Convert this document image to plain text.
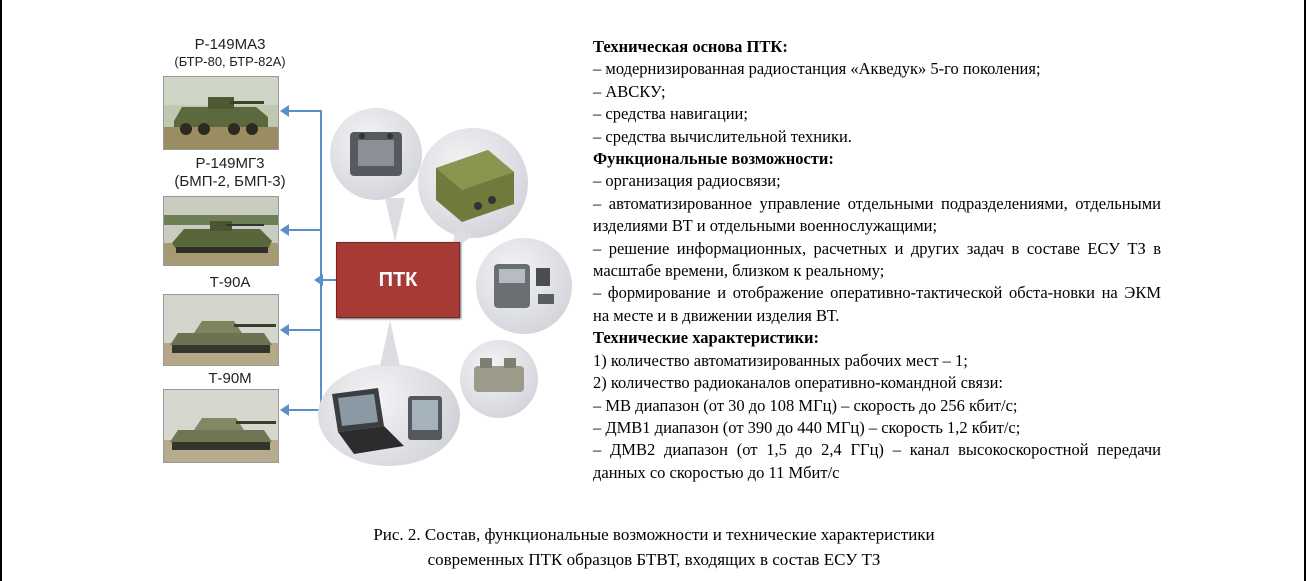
Р-149МА3
(БТР-80, БТР-82А)
Р-149МГ3
(БМП-2, БМП-3)
Т-90А
Т-90М
ПТК

Техническая основа ПТК:

– модернизированная радиостанция «Акведук» 5-го поколения;

– АВСКУ;

– средства навигации;

– средства вычислительной техники.

Функциональные возможности:

– организация радиосвязи;

– автоматизированное управление отдельными подразделениями, отдельными изделиями ВТ и отдельными военнослужащими;

– решение информационных, расчетных и других задач в составе ЕСУ ТЗ в масштабе времени, близком к реальному;

– формирование и отображение оперативно-тактической обста-новки на ЭКМ на месте и в движении изделия ВТ.

Технические характеристики:

1) количество автоматизированных рабочих мест – 1;

2) количество радиоканалов оперативно-командной связи:

– МВ диапазон (от 30 до 108 МГц) – скорость до 256 кбит/с;

– ДМВ1 диапазон (от 390 до 440 МГц) – скорость 1,2 кбит/с;

– ДМВ2 диапазон (от 1,5 до 2,4 ГГц) – канал высокоскоростной передачи данных со скоростью до 11 Мбит/с

Рис. 2. Состав, функциональные возможности и технические характеристики
современных ПТК образцов БТВТ, входящих в состав ЕСУ ТЗ
